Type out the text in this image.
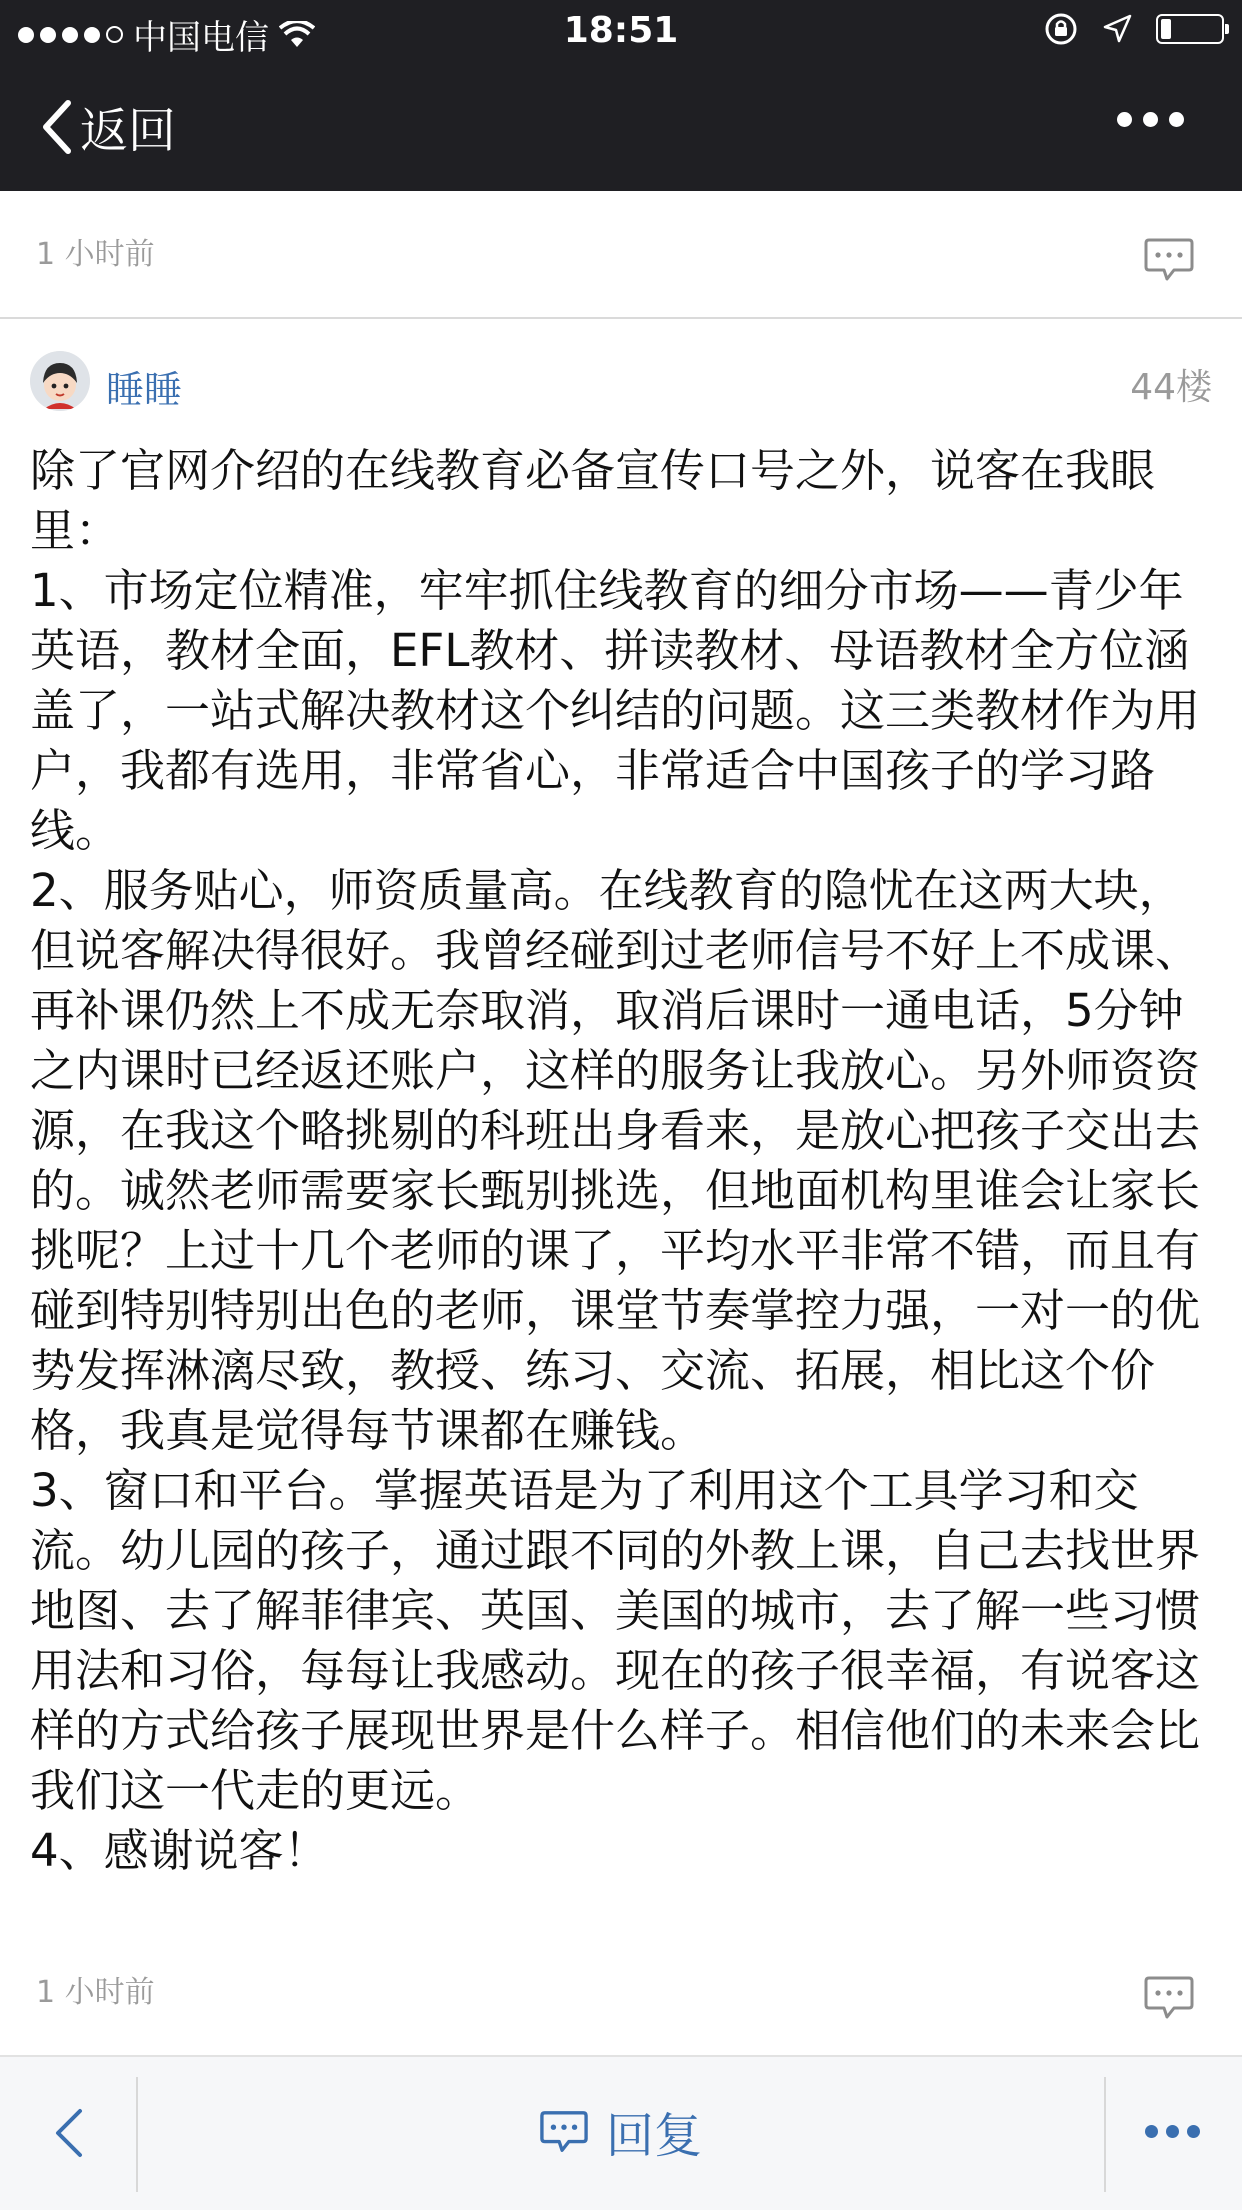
中国电信	18:51
返回
1 小时前
睡睡	44楼
除了官网介绍的在线教育必备宣传口号之外，说客在我眼里：
1、市场定位精准，牢牢抓住线教育的细分市场——青少年英语，教材全面，EFL教材、拼读教材、母语教材全方位涵盖了，一站式解决教材这个纠结的问题。这三类教材作为用户，我都有选用，非常省心，非常适合中国孩子的学习路线。
2、服务贴心，师资质量高。在线教育的隐忧在这两大块，但说客解决得很好。我曾经碰到过老师信号不好上不成课、再补课仍然上不成无奈取消，取消后课时一通电话，5分钟之内课时已经返还账户，这样的服务让我放心。另外师资资源，在我这个略挑剔的科班出身看来，是放心把孩子交出去的。诚然老师需要家长甄别挑选，但地面机构里谁会让家长挑呢？上过十几个老师的课了，平均水平非常不错，而且有碰到特别特别出色的老师，课堂节奏掌控力强，一对一的优势发挥淋漓尽致，教授、练习、交流、拓展，相比这个价格，我真是觉得每节课都在赚钱。
3、窗口和平台。掌握英语是为了利用这个工具学习和交流。幼儿园的孩子，通过跟不同的外教上课，自己去找世界地图、去了解菲律宾、英国、美国的城市，去了解一些习惯用法和习俗，每每让我感动。现在的孩子很幸福，有说客这样的方式给孩子展现世界是什么样子。相信他们的未来会比我们这一代走的更远。
4、感谢说客！
1 小时前
回复
